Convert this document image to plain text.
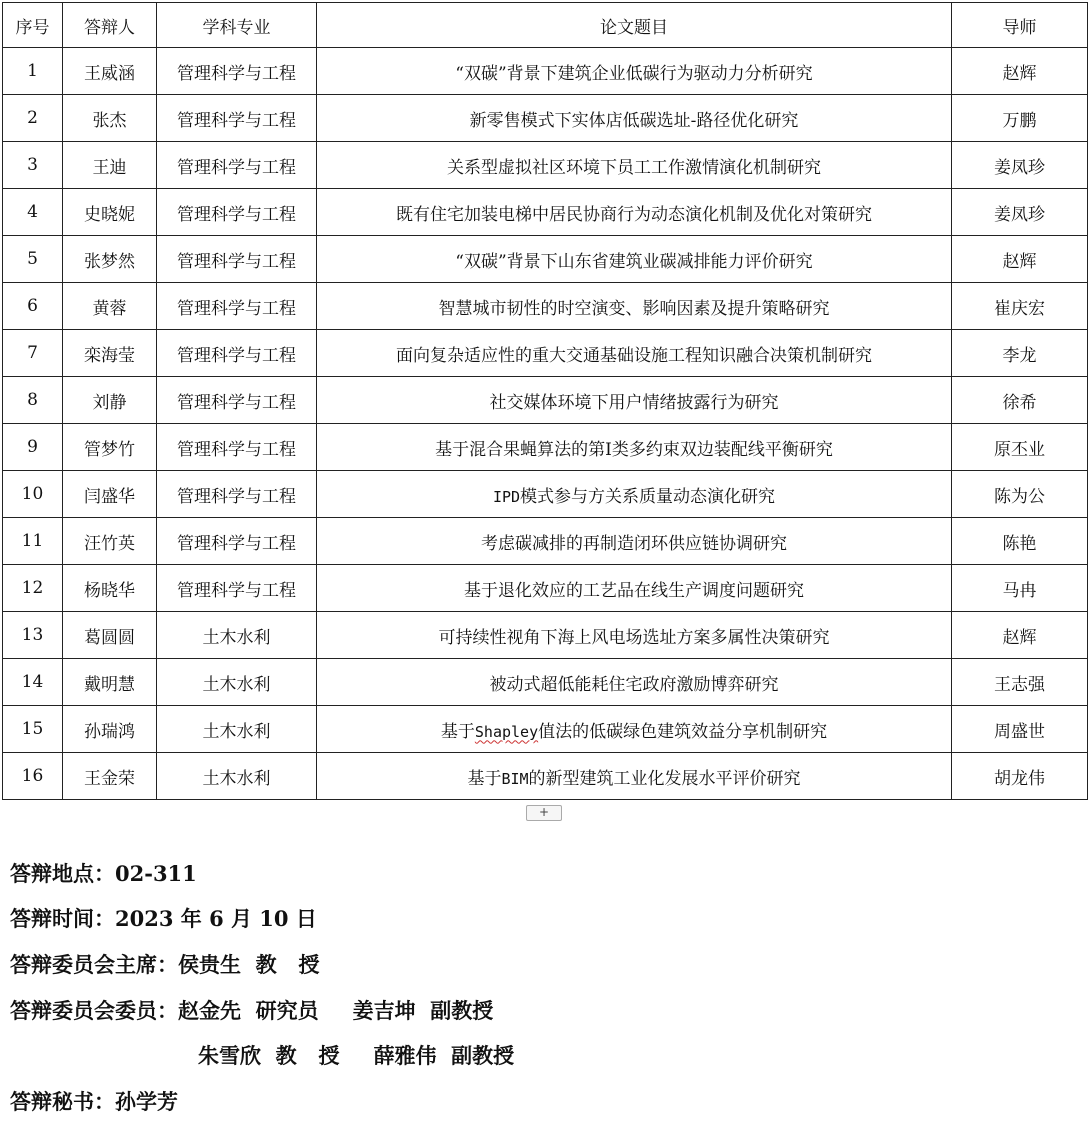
序号	答辩人	学科专业	论文题目	导师
1	王威涵	管理科学与工程	“双碳”背景下建筑企业低碳行为驱动力分析研究	赵辉
2	张杰	管理科学与工程	新零售模式下实体店低碳选址-路径优化研究	万鹏
3	王迪	管理科学与工程	关系型虚拟社区环境下员工工作激情演化机制研究	姜凤珍
4	史晓妮	管理科学与工程	既有住宅加装电梯中居民协商行为动态演化机制及优化对策研究	姜凤珍
5	张梦然	管理科学与工程	“双碳”背景下山东省建筑业碳减排能力评价研究	赵辉
6	黄蓉	管理科学与工程	智慧城市韧性的时空演变、影响因素及提升策略研究	崔庆宏
7	栾海莹	管理科学与工程	面向复杂适应性的重大交通基础设施工程知识融合决策机制研究	李龙
8	刘静	管理科学与工程	社交媒体环境下用户情绪披露行为研究	徐希
9	管梦竹	管理科学与工程	基于混合果蝇算法的第Ⅰ类多约束双边装配线平衡研究	原丕业
10	闫盛华	管理科学与工程	IPD模式参与方关系质量动态演化研究	陈为公
11	汪竹英	管理科学与工程	考虑碳减排的再制造闭环供应链协调研究	陈艳
12	杨晓华	管理科学与工程	基于退化效应的工艺品在线生产调度问题研究	马冉
13	葛圆圆	土木水利	可持续性视角下海上风电场选址方案多属性决策研究	赵辉
14	戴明慧	土木水利	被动式超低能耗住宅政府激励博弈研究	王志强
15	孙瑞鸿	土木水利	基于Shapley值法的低碳绿色建筑效益分享机制研究	周盛世
16	王金荣	土木水利	基于BIM的新型建筑工业化发展水平评价研究	胡龙伟
+
答辩地点：02-311
答辩时间：2023 年 6 月 10 日
答辩委员会主席：侯贵生  教   授
答辩委员会委员：赵金先  研究员 姜吉坤  副教授
朱雪欣  教   授 薛雅伟  副教授
答辩秘书：孙学芳
